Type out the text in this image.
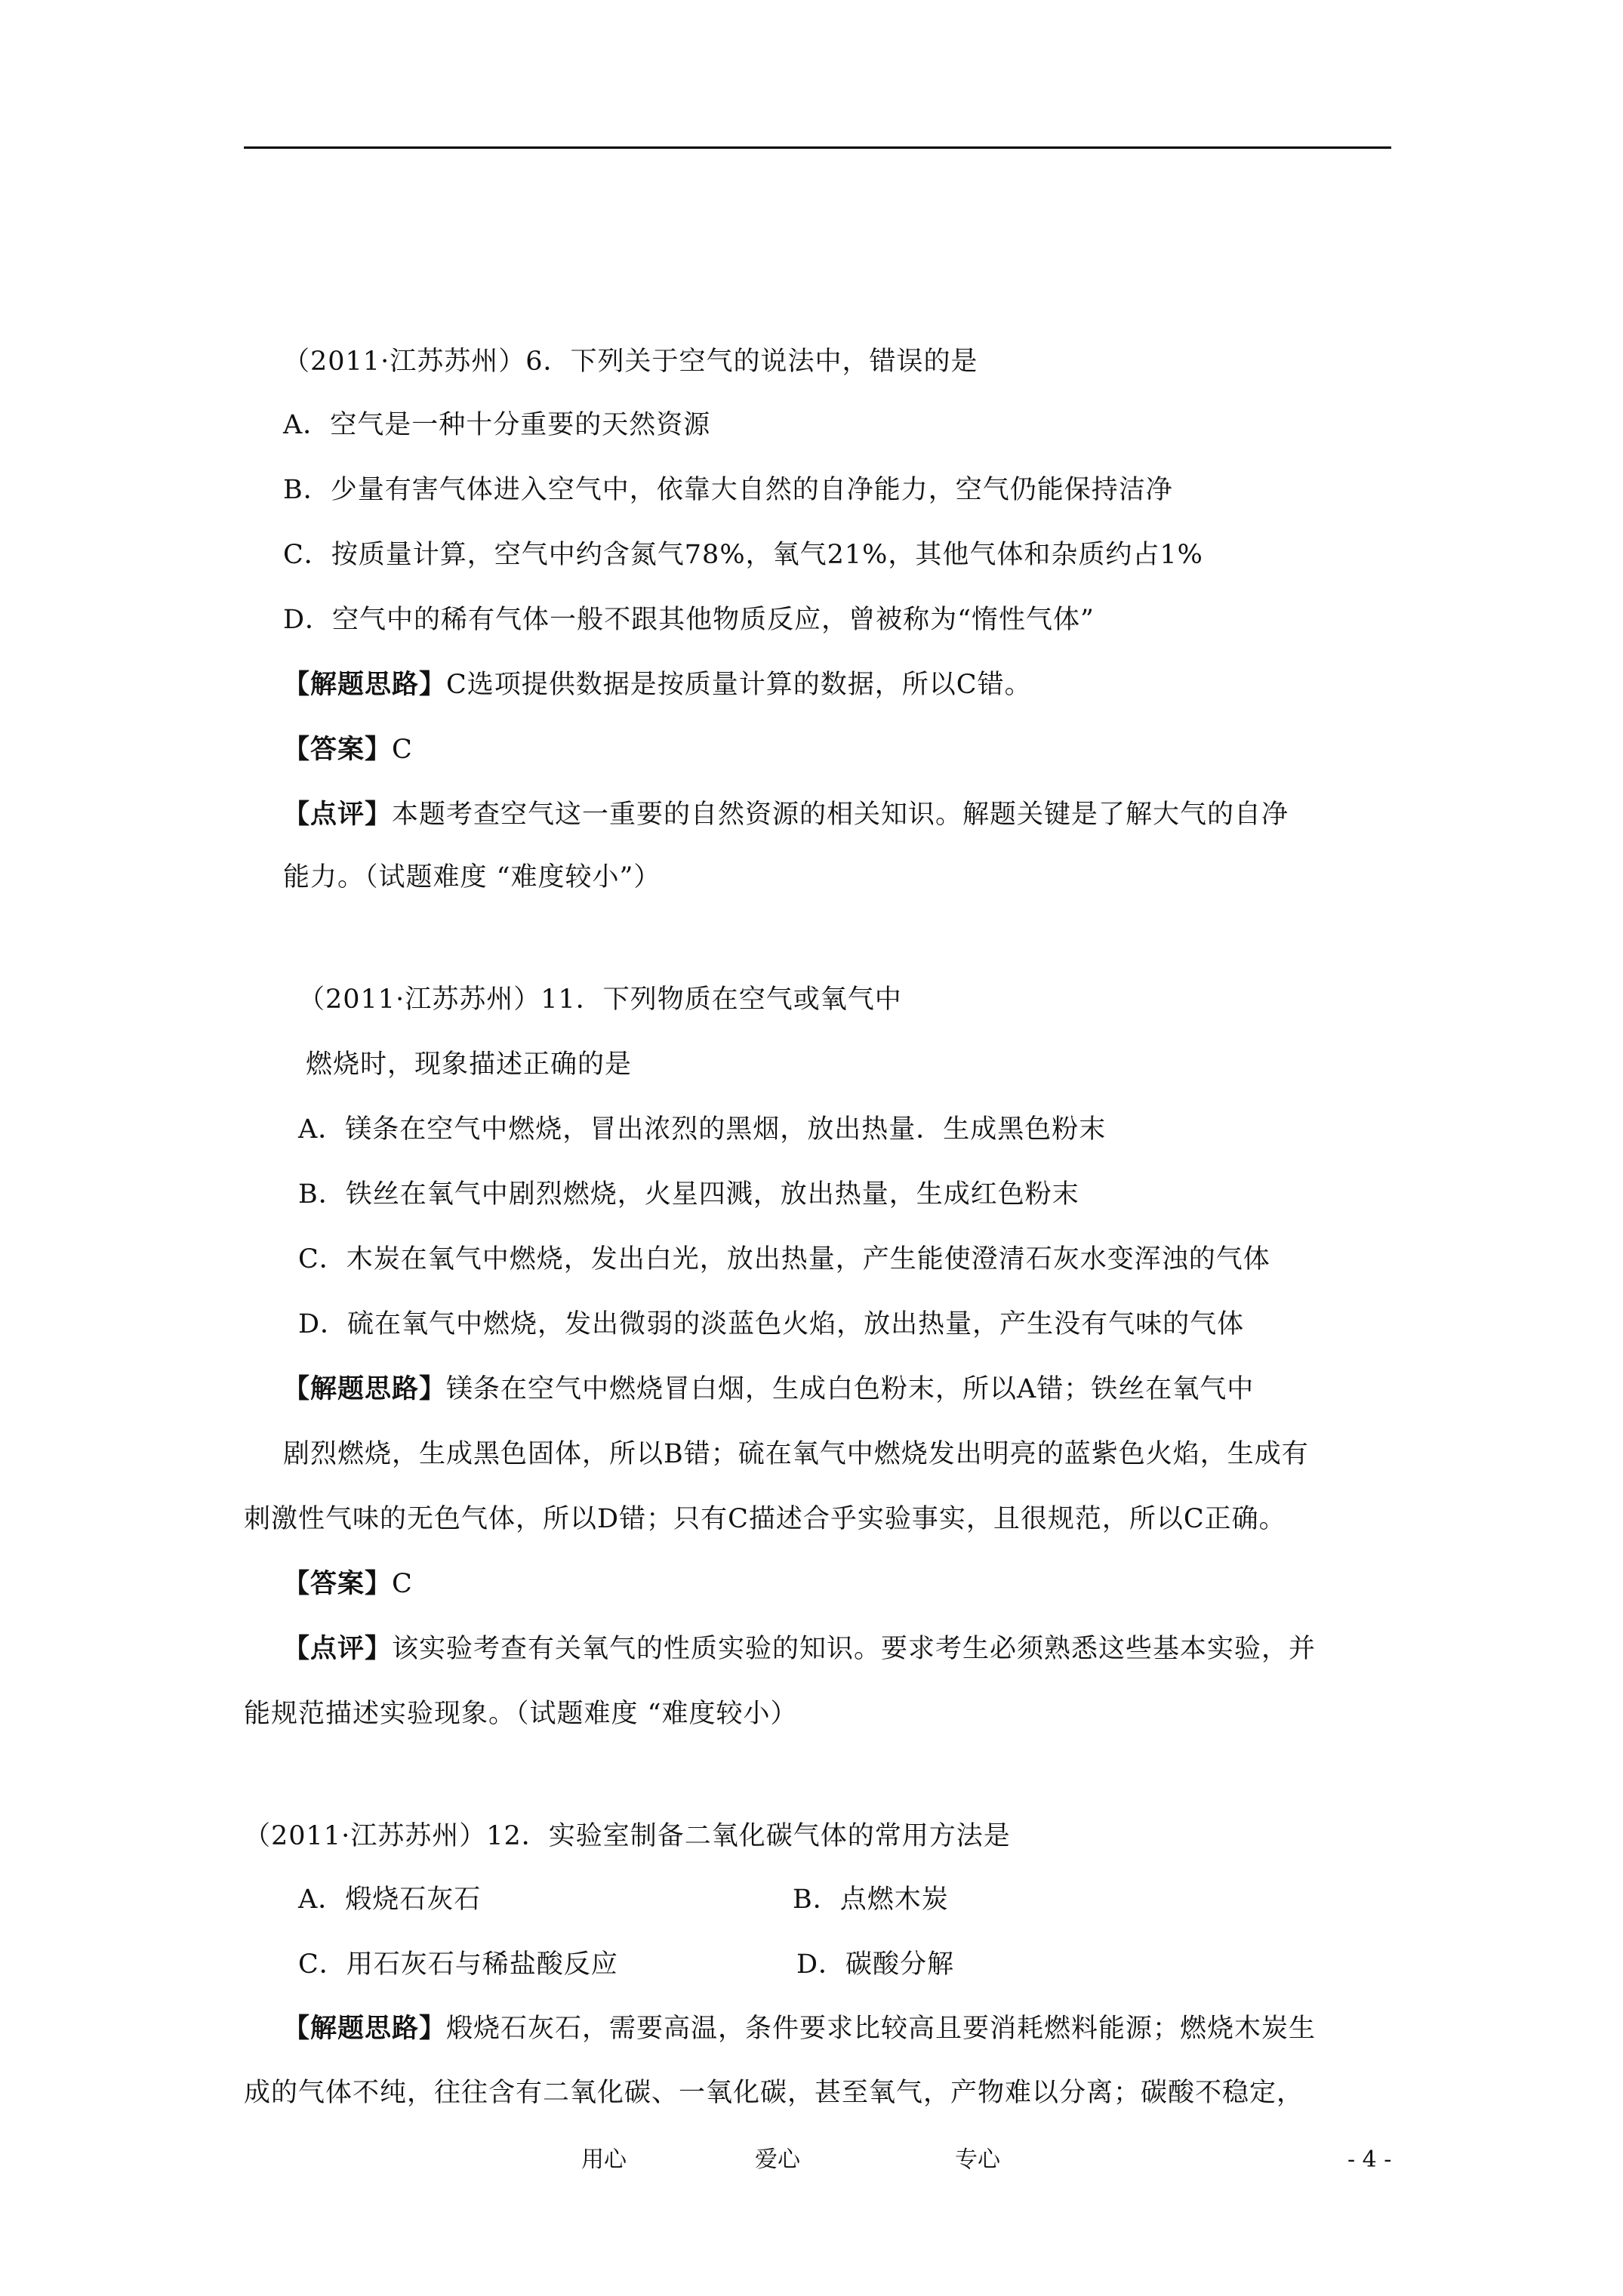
（2011·江苏苏州）6．下列关于空气的说法中，错误的是
A．空气是一种十分重要的天然资源
B．少量有害气体进入空气中，依靠大自然的自净能力，空气仍能保持洁净
C．按质量计算，空气中约含氮气78%，氧气21%，其他气体和杂质约占1%
D．空气中的稀有气体一般不跟其他物质反应，曾被称为“惰性气体”
【解题思路】C选项提供数据是按质量计算的数据，所以C错。
【答案】C
【点评】本题考查空气这一重要的自然资源的相关知识。解题关键是了解大气的自净
能力。（试题难度 “难度较小”）
（2011·江苏苏州）11．下列物质在空气或氧气中
燃烧时，现象描述正确的是
A．镁条在空气中燃烧，冒出浓烈的黑烟，放出热量．生成黑色粉末
B．铁丝在氧气中剧烈燃烧，火星四溅，放出热量，生成红色粉末
C．木炭在氧气中燃烧，发出白光，放出热量，产生能使澄清石灰水变浑浊的气体
D．硫在氧气中燃烧，发出微弱的淡蓝色火焰，放出热量，产生没有气味的气体
【解题思路】镁条在空气中燃烧冒白烟，生成白色粉末，所以A错；铁丝在氧气中
剧烈燃烧，生成黑色固体，所以B错；硫在氧气中燃烧发出明亮的蓝紫色火焰，生成有
刺激性气味的无色气体，所以D错；只有C描述合乎实验事实，且很规范，所以C正确。
【答案】C
【点评】该实验考查有关氧气的性质实验的知识。要求考生必须熟悉这些基本实验，并
能规范描述实验现象。（试题难度 “难度较小）
（2011·江苏苏州）12．实验室制备二氧化碳气体的常用方法是
A．煅烧石灰石	B．点燃木炭
C．用石灰石与稀盐酸反应	D．碳酸分解
【解题思路】煅烧石灰石，需要高温，条件要求比较高且要消耗燃料能源；燃烧木炭生
成的气体不纯，往往含有二氧化碳、一氧化碳，甚至氧气，产物难以分离；碳酸不稳定，
用心	爱心	专心	- 4 -
